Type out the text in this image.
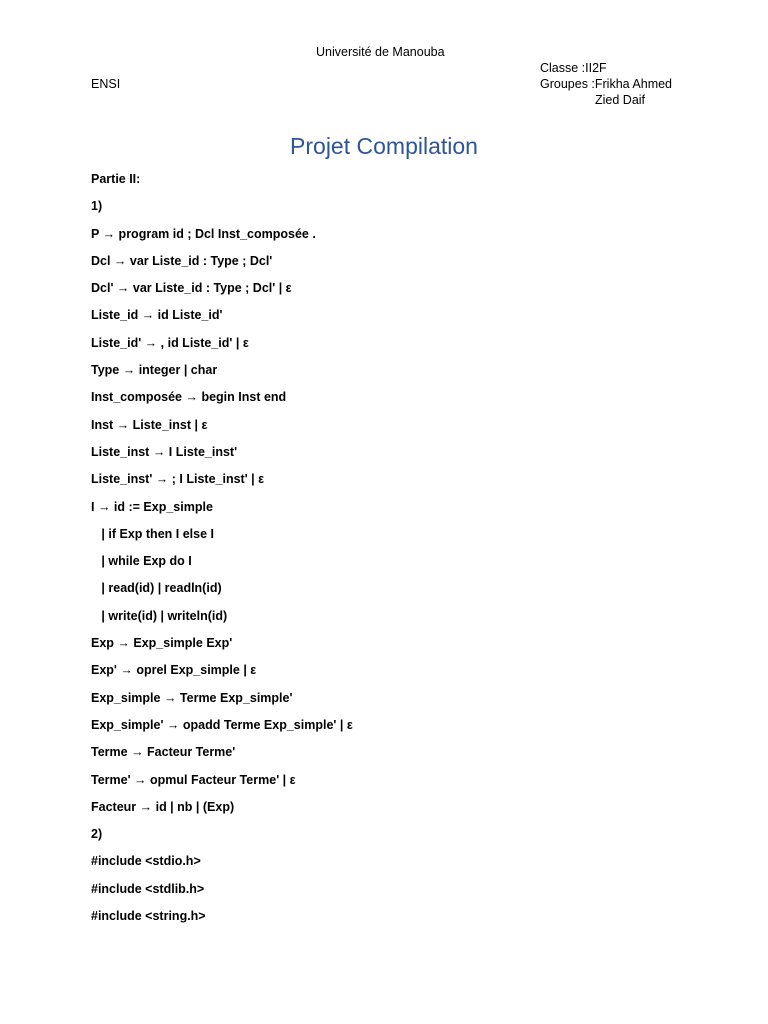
Université de Manouba
ENSI
Classe :II2F
Groupes :Frikha Ahmed
Zied Daif
Projet Compilation
Partie II:
1)
P → program id ; Dcl Inst_composée .
Dcl → var Liste_id : Type ; Dcl'
Dcl' → var Liste_id : Type ; Dcl' | ε
Liste_id → id Liste_id'
Liste_id' → , id Liste_id' | ε
Type → integer | char
Inst_composée → begin Inst end
Inst → Liste_inst | ε
Liste_inst → I Liste_inst'
Liste_inst' → ; I Liste_inst' | ε
I → id := Exp_simple
| if Exp then I else I
| while Exp do I
| read(id) | readln(id)
| write(id) | writeln(id)
Exp → Exp_simple Exp'
Exp' → oprel Exp_simple | ε
Exp_simple → Terme Exp_simple'
Exp_simple' → opadd Terme Exp_simple' | ε
Terme → Facteur Terme'
Terme' → opmul Facteur Terme' | ε
Facteur → id | nb | (Exp)
2)
#include <stdio.h>
#include <stdlib.h>
#include <string.h>
